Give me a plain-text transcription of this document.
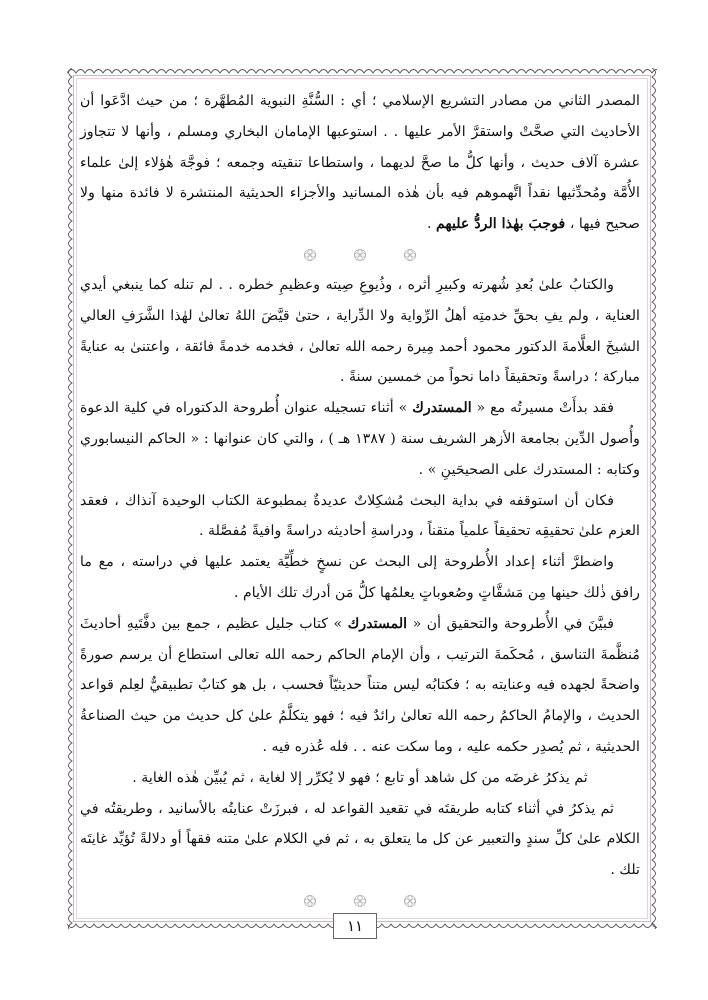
المصدر الثاني من مصادر التشريع الإسلامي ؛ أي : السُّنَّةِ النبوية المُطهَّرة ؛ من حيث ادَّعَوا أن الأحاديث التي صحَّتْ واستقرَّ الأمر عليها . . استوعبها الإمامان البخاري ومسلم ، وأنها لا تتجاوز عشرة آلاف حديث ، وأنها كلُّ ما صحَّ لديهما ، واستطاعا تنقيته وجمعه ؛ فوجَّهَ هٰؤلاء إلىٰ علماء الأُمَّة ومُحدِّثيها نقداً اتَّهموهم فيه بأن هٰذه المسانيد والأجزاء الحديثية المنتشرة لا فائدة منها ولا صحيح فيها ، فوجبَ بهٰذا الردُّ عليهم .

والكتابُ علىٰ بُعدِ شُهرته وكبيرِ أثره ، وذُيوعِ صِيته وعظيمِ خطره . . لم تنله كما ينبغي أيدي العناية ، ولم يفِ بحقِّ خدمتِه أهلُ الرِّواية ولا الدِّراية ، حتىٰ قيَّضَ اللهُ تعالىٰ لهٰذا الشَّرَفِ العالي الشيخَ العلَّامةَ الدكتور محمود أحمد مِيرة رحمه الله تعالىٰ ، فخدمه خدمةً فائقة ، واعتنىٰ به عنايةً مباركة ؛ دراسةً وتحقيقاً داما نحواً من خمسين سنةً .

فقد بدأَتْ مسيرتُه مع « المستدرك » أثناء تسجيله عنوان أُطروحة الدكتوراه في كلية الدعوة وأُصول الدِّين بجامعة الأزهر الشريف سنة ( ١٣٨٧ هـ ) ، والتي كان عنوانها : « الحاكم النيسابوري وكتابه : المستدرك على الصحيحَينِ » .

فكان أن استوقفه في بداية البحث مُشكِلاتٌ عديدةٌ بمطبوعة الكتاب الوحيدة آنذاك ، فعقد العزم علىٰ تحقيقِه تحقيقاً علمياً متقناً ، ودراسةِ أحاديثه دراسةً وافيةً مُفصَّلة .

واضطرَّ أثناء إعداد الأُطروحة إلى البحث عن نسخٍ خطِّيَّة يعتمد عليها في دراسته ، مع ما رافق ذٰلك حينها مِن مَشقَّاتٍ وصُعوباتٍ يعلمُها كلُّ مَن أدرك تلك الأيام .

فبيَّنَ في الأُطروحة والتحقيق أن « المستدرك » كتاب جليل عظيم ، جمع بين دفَّتَيهِ أحاديثَ مُنظَّمةَ التناسق ، مُحكَمةَ الترتيب ، وأن الإمام الحاكم رحمه الله تعالى استطاع أن يرسم صورةً واضحةً لجهده فيه وعنايته به ؛ فكتابُه ليس متناً حديثيّاً فحسب ، بل هو كتابٌ تطبيقيٌّ لعِلم قواعد الحديث ، والإمامُ الحاكمُ رحمه الله تعالىٰ رائدٌ فيه ؛ فهو يتكلَّمُ علىٰ كل حديث من حيث الصناعةُ الحديثية ، ثم يُصدِر حكمه عليه ، وما سكت عنه . . فله عُذره فيه .

ثم يذكرُ غرضَه من كل شاهد أو تابع ؛ فهو لا يُكرِّر إلا لغاية ، ثم يُبيِّن هٰذه الغاية .

ثم يذكرُ في أثناء كتابه طريقتَه في تقعيد القواعد له ، فبرزَتْ عنايتُه بالأسانيد ، وطريقتُه في الكلام علىٰ كلِّ سندٍ والتعبير عن كل ما يتعلق به ، ثم في الكلام علىٰ متنه فقهاً أو دلالةً تُؤيِّد غايتَه تلك .

١١
